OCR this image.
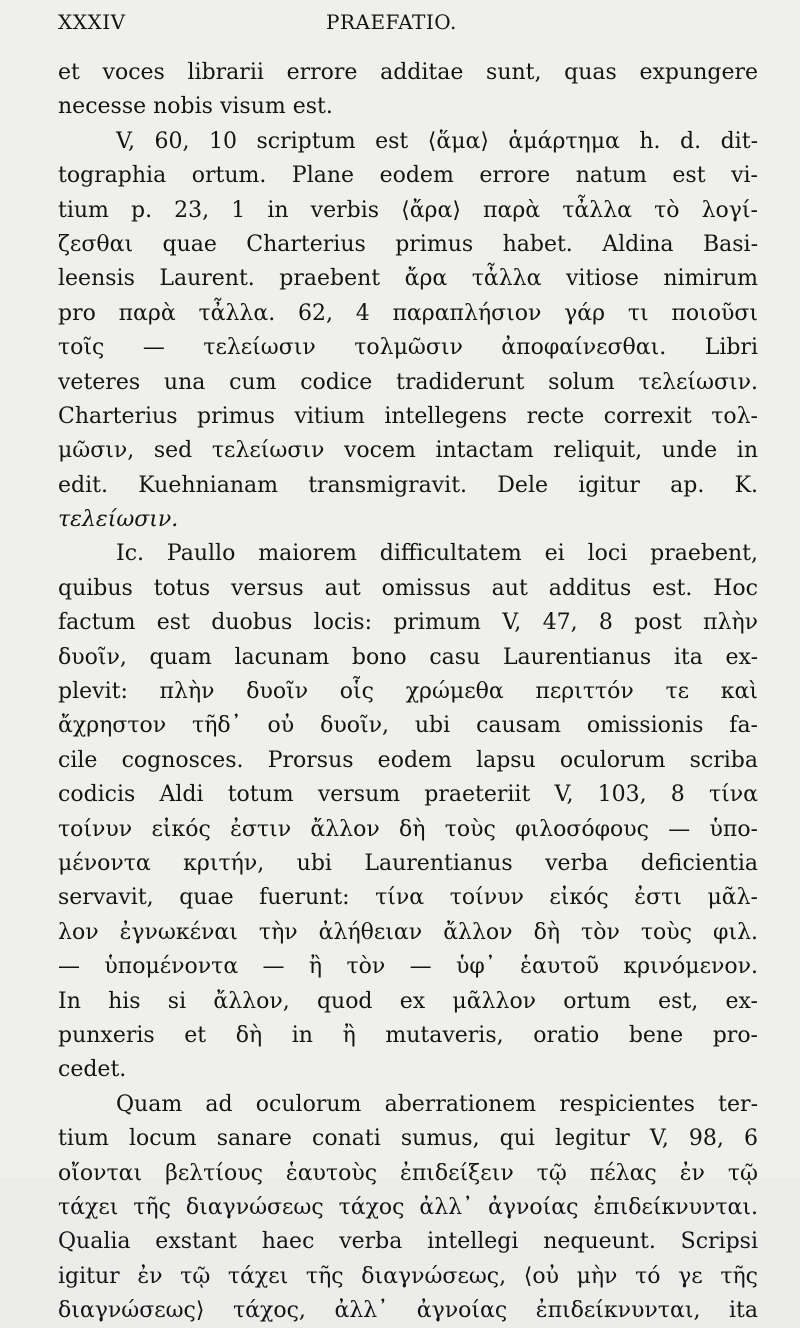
XXXIV	PRAEFATIO.
et voces librarii errore additae sunt, quas expungere
necesse nobis visum est.
V, 60, 10 scriptum est ⟨ἅμα⟩ ἁμάρτημα h. d. dit-
tographia ortum. Plane eodem errore natum est vi-
tium p. 23, 1 in verbis ⟨ἄρα⟩ παρὰ τἆλλα τὸ λογί-
ζεσθαι quae Charterius primus habet. Aldina Basi-
leensis Laurent. praebent ἄρα τἆλλα vitiose nimirum
pro παρὰ τἆλλα. 62, 4 παραπλήσιον γάρ τι ποιοῦσι
τοῖς — τελείωσιν τολμῶσιν ἀποφαίνεσθαι. Libri
veteres una cum codice tradiderunt solum τελείωσιν.
Charterius primus vitium intellegens recte correxit τολ-
μῶσιν, sed τελείωσιν vocem intactam reliquit, unde in
edit. Kuehnianam transmigravit. Dele igitur ap. K.
τελείωσιν.
Ic. Paullo maiorem difficultatem ei loci praebent,
quibus totus versus aut omissus aut additus est. Hoc
factum est duobus locis: primum V, 47, 8 post πλὴν
δυοῖν, quam lacunam bono casu Laurentianus ita ex-
plevit: πλὴν δυοῖν οἷς χρώμεθα περιττόν τε καὶ
ἄχρηστον τῆδ᾿ οὐ δυοῖν, ubi causam omissionis fa-
cile cognosces. Prorsus eodem lapsu oculorum scriba
codicis Aldi totum versum praeteriit V, 103, 8 τίνα
τοίνυν εἰκός ἐστιν ἄλλον δὴ τοὺς φιλοσόφους — ὑπο-
μένοντα κριτήν, ubi Laurentianus verba deficientia
servavit, quae fuerunt: τίνα τοίνυν εἰκός ἐστι μᾶλ-
λον ἐγνωκέναι τὴν ἀλήθειαν ἄλλον δὴ τὸν τοὺς φιλ.
— ὑπομένοντα — ἢ τὸν — ὑφ᾿ ἑαυτοῦ κρινόμενον.
In his si ἄλλον, quod ex μᾶλλον ortum est, ex-
punxeris et δὴ in ἢ mutaveris, oratio bene pro-
cedet.
Quam ad oculorum aberrationem respicientes ter-
tium locum sanare conati sumus, qui legitur V, 98, 6
οἴονται βελτίους ἑαυτοὺς ἐπιδείξειν τῷ πέλας ἐν τῷ
τάχει τῆς διαγνώσεως τάχος ἀλλ᾿ ἀγνοίας ἐπιδείκνυνται.
Qualia exstant haec verba intellegi nequeunt. Scripsi
igitur ἐν τῷ τάχει τῆς διαγνώσεως, ⟨οὐ μὴν τό γε τῆς
διαγνώσεως⟩ τάχος, ἀλλ᾿ ἀγνοίας ἐπιδείκνυνται, ita
